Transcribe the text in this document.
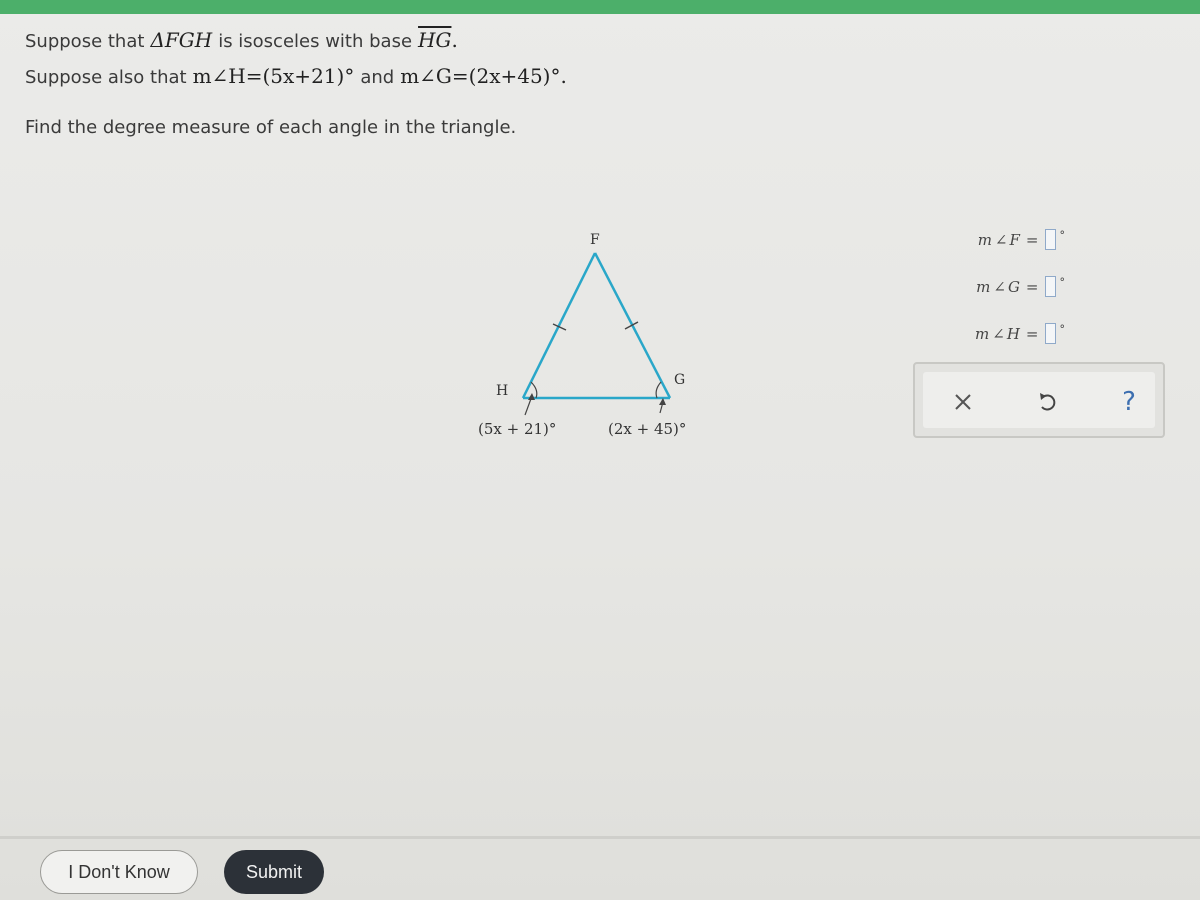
Suppose that ΔFGH is isosceles with base $\overline{HG}$.
Suppose also that m∠H=(5x+21)° and m∠G=(2x+45)°.
Find the degree measure of each angle in the triangle.
F
G
H
(5x + 21)°	(2x + 45)°
m ∠ F = °
m ∠ G = °
m ∠ H = °
?
I Don't Know	Submit
